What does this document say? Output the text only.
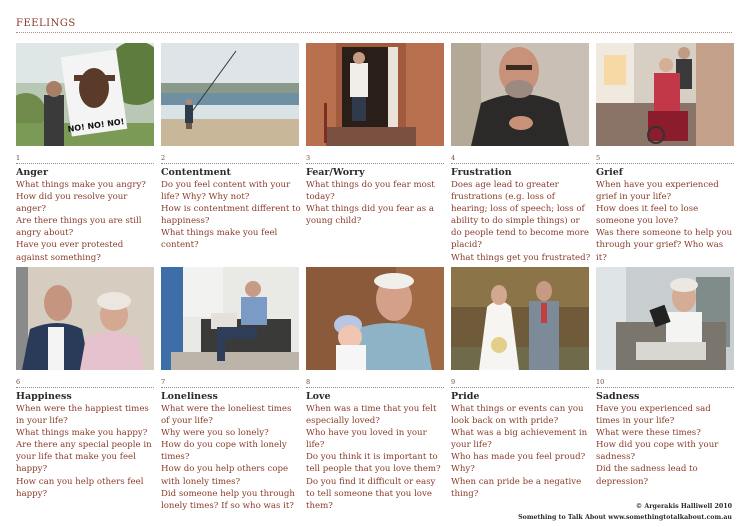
FEELINGS
NO! NO! NO!
1
Anger
What things make you angry?
How did you resolve your anger?
Are there things you are still angry about?
Have you ever protested against something?
2
Contentment
Do you feel content with your life? Why? Why not?
How is contentment different to happiness?
What things make you feel content?
3
Fear/Worry
What things do you fear most today?
What things did you fear as a young child?
4
Frustration
Does age lead to greater frustrations (e.g. loss of hearing; loss of speech; loss of ability to do simple things) or do people tend to become more placid?
What things get you frustrated?
5
Grief
When have you experienced grief in your life?
How does it feel to lose someone you love?
Was there someone to help you through your grief? Who was it?
6
Happiness
When were the happiest times in your life?
What things make you happy?
Are there any special people in your life that make you feel happy?
How can you help others feel happy?
7
Loneliness
What were the loneliest times of your life?
Why were you so lonely?
How do you cope with lonely times?
How do you help others cope with lonely times?
Did someone help you through lonely times? If so who was it?
8
Love
When was a time that you felt especially loved?
Who have you loved in your life?
Do you think it is important to tell people that you love them?
Do you find it difficult or easy to tell someone that you love them?
9
Pride
What things or events can you look back on with pride?
What was a big achievement in your life?
Who has made you feel proud? Why?
When can pride be a negative thing?
10
Sadness
Have you experienced sad times in your life?
What were these times?
How did you cope with your sadness?
Did the sadness lead to depression?
© Argerakis Halliwell 2010
Something to Talk About www.somethingtotalkabout.com.au
